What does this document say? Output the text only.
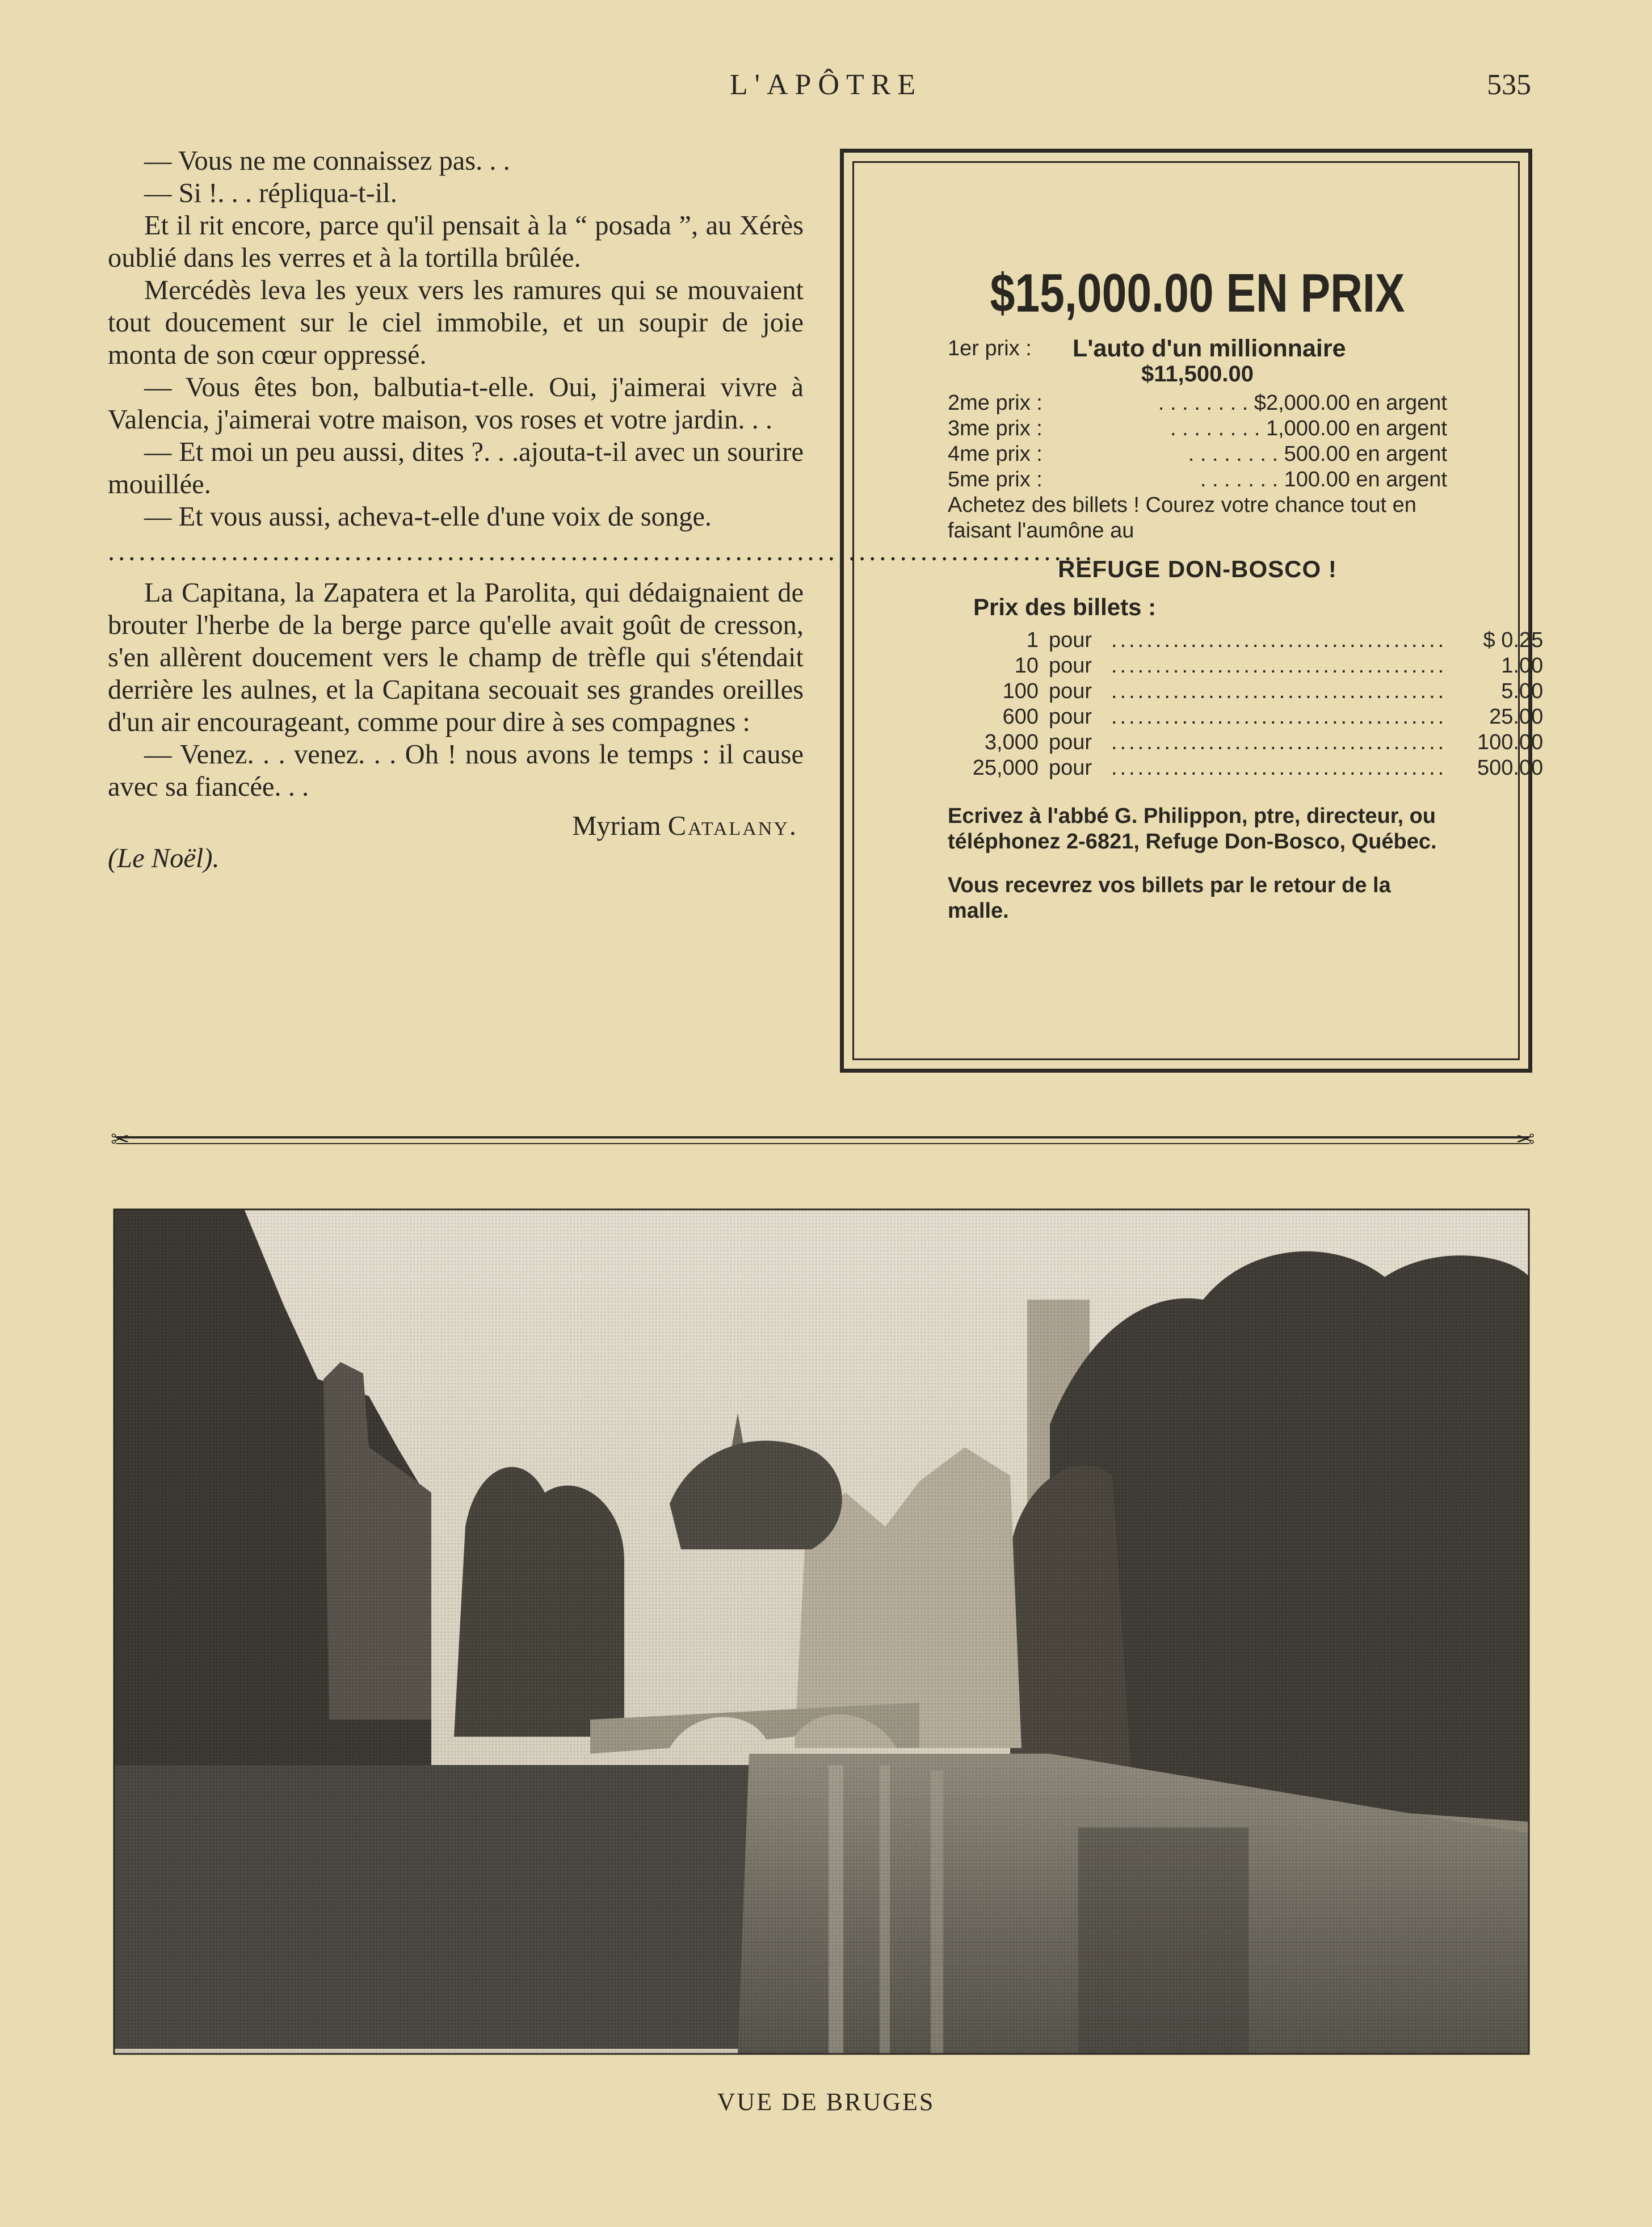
L'APÔTRE	535

— Vous ne me connaissez pas. . .

— Si !. . . répliqua-t-il.

Et il rit encore, parce qu'il pensait à la “ posada ”, au Xérès oublié dans les verres et à la tortilla brûlée.

Mercédès leva les yeux vers les ramures qui se mouvaient tout doucement sur le ciel immobile, et un soupir de joie monta de son cœur oppressé.

— Vous êtes bon, balbutia-t-elle. Oui, j'aimerai vivre à Valencia, j'aimerai votre maison, vos roses et votre jardin. . .

— Et moi un peu aussi, dites ?. . .ajouta-t-il avec un sourire mouillée.

— Et vous aussi, acheva-t-elle d'une voix de songe.

................................................................................................

La Capitana, la Zapatera et la Parolita, qui dédaignaient de brouter l'herbe de la berge parce qu'elle avait goût de cresson, s'en allèrent doucement vers le champ de trèfle qui s'étendait derrière les aulnes, et la Capitana secouait ses grandes oreilles d'un air encourageant, comme pour dire à ses compagnes :

— Venez. . . venez. . . Oh ! nous avons le temps : il cause avec sa fiancée. . .

Myriam Catalany.

(Le Noël).

$15,000.00 EN PRIX
1er prix :	L'auto d'un millionnaire
$11,500.00
2me prix :	. . . . . . . . $2,000.00 en argent
3me prix :	. . . . . . . . 1,000.00 en argent
4me prix :	. . . . . . . . 500.00 en argent
5me prix :	. . . . . . . 100.00 en argent
Achetez des billets ! Courez votre chance tout en faisant l'aumône au
REFUGE DON-BOSCO !
Prix des billets :
1 pour ......................................	$ 0.25
10 pour ......................................	1.00
100 pour ......................................	5.00
600 pour ......................................	25.00
3,000 pour ......................................	100.00
25,000 pour ......................................	500.00
Ecrivez à l'abbé G. Philippon, ptre, directeur, ou téléphonez 2-6821, Refuge Don-Bosco, Québec.
Vous recevrez vos billets par le retour de la malle.
✂	✂
VUE DE BRUGES
